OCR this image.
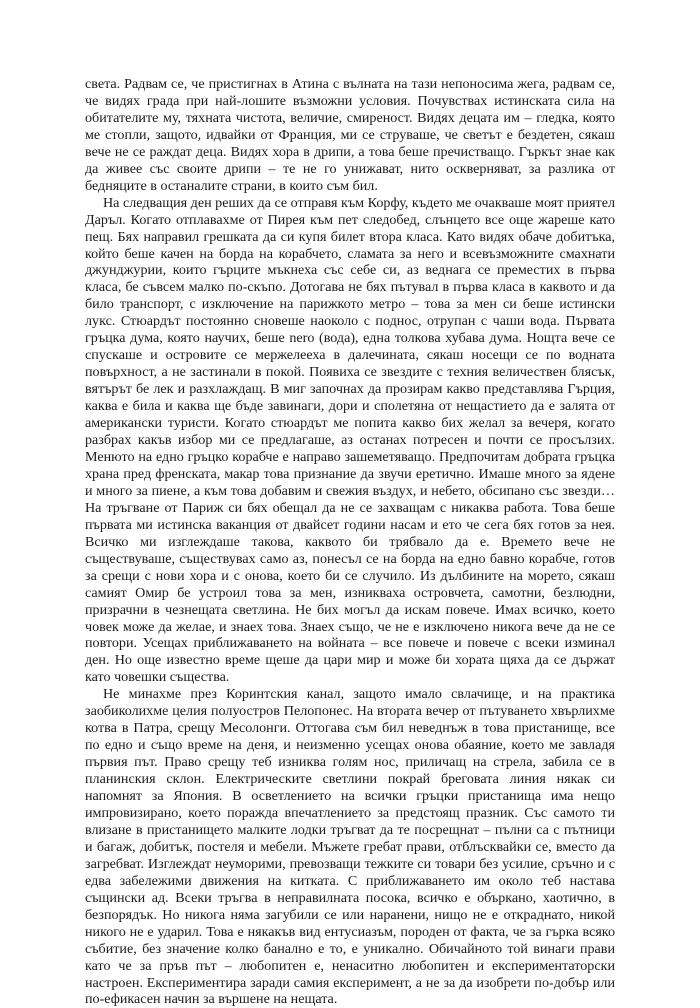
света. Радвам се, че пристигнах в Атина с вълната на тази непоносима жега, радвам се, че видях града при най-лошите възможни условия. Почувствах истинската сила на обитателите му, тяхната чистота, величие, смиреност. Видях децата им – гледка, която ме стопли, защото, идвайки от Франция, ми се струваше, че светът е бездетен, сякаш вече не се раждат деца. Видях хора в дрипи, а това беше пречистващо. Гъркът знае как да живее със своите дрипи – те не го унижават, нито оскверняват, за разлика от бедняците в останалите страни, в които съм бил.

На следващия ден реших да се отправя към Корфу, където ме очакваше моят приятел Даръл. Когато отплавахме от Пирея към пет следобед, слънцето все още жареше като пещ. Бях направил грешката да си купя билет втора класа. Като видях обаче добитъка, който беше качен на борда на корабчето, сламата за него и всевъзможните смахнати джунджурии, които гърците мъкнеха със себе си, аз веднага се преместих в първа класа, бе съвсем малко по-скъпо. Дотогава не бях пътувал в първа класа в каквото и да било транспорт, с изключение на парижкото метро – това за мен си беше истински лукс. Стюардът постоянно сновеше наоколо с поднос, отрупан с чаши вода. Първата гръцка дума, която научих, беше nero (вода), една толкова хубава дума. Нощта вече се спускаше и островите се мержелееха в далечината, сякаш носещи се по водната повърхност, а не застинали в покой. Появиха се звездите с техния величествен блясък, вятърът бе лек и разхлаждащ. В миг започнах да прозирам какво представлява Гърция, каква е била и каква ще бъде завинаги, дори и сполетяна от нещастието да е залята от американски туристи. Когато стюардът ме попита какво бих желал за вечеря, когато разбрах какъв избор ми се предлагаше, аз останах потресен и почти се просълзих. Менюто на едно гръцко корабче е направо зашеметяващо. Предпочитам добрата гръцка храна пред френската, макар това признание да звучи еретично. Имаше много за ядене и много за пиене, а към това добавим и свежия въздух, и небето, обсипано със звезди… На тръгване от Париж си бях обещал да не се захващам с никаква работа. Това беше първата ми истинска ваканция от двайсет години насам и ето че сега бях готов за нея. Всичко ми изглеждаше такова, каквото би трябвало да е. Времето вече не съществуваше, съществувах само аз, понесъл се на борда на едно бавно корабче, готов за срещи с нови хора и с онова, което би се случило. Из дълбините на морето, сякаш самият Омир бе устроил това за мен, изникваха островчета, самотни, безлюдни, призрачни в чезнещата светлина. Не бих могъл да искам повече. Имах всичко, което човек може да желае, и знаех това. Знаех също, че не е изключено никога вече да не се повтори. Усещах приближаването на войната – все повече и повече с всеки изминал ден. Но още известно време щеше да цари мир и може би хората щяха да се държат като човешки същества.

Не минахме през Коринтския канал, защото имало свлачище, и на практика заобиколихме целия полуостров Пелопонес. На втората вечер от пътуването хвърлихме котва в Патра, срещу Месолонги. Оттогава съм бил неведнъж в това пристанище, все по едно и също време на деня, и неизменно усещах онова обаяние, което ме завладя първия път. Право срещу теб изниква голям нос, приличащ на стрела, забила се в планинския склон. Електрическите светлини покрай бреговата линия някак си напомнят за Япония. В осветлението на всички гръцки пристанища има нещо импровизирано, което поражда впечатлението за предстоящ празник. Със самото ти влизане в пристанището малките лодки тръгват да те посрещнат – пълни са с пътници и багаж, добитък, постеля и мебели. Мъжете гребат прави, отблъсквайки се, вместо да загребват. Изглеждат неуморими, превозващи тежките си товари без усилие, сръчно и с едва забележими движения на китката. С приближаването им около теб настава същински ад. Всеки тръгва в неправилната посока, всичко е объркано, хаотично, в безпорядък. Но никога няма загубили се или наранени, нищо не е откраднато, никой никого не е ударил. Това е някакъв вид ентусиазъм, породен от факта, че за гърка всяко събитие, без значение колко банално е то, е уникално. Обичайното той винаги прави като че за пръв път – любопитен е, ненаситно любопитен и експериментаторски настроен. Експериментира заради самия експеримент, а не за да изобрети по-добър или по-ефикасен начин за вършене на нещата.
